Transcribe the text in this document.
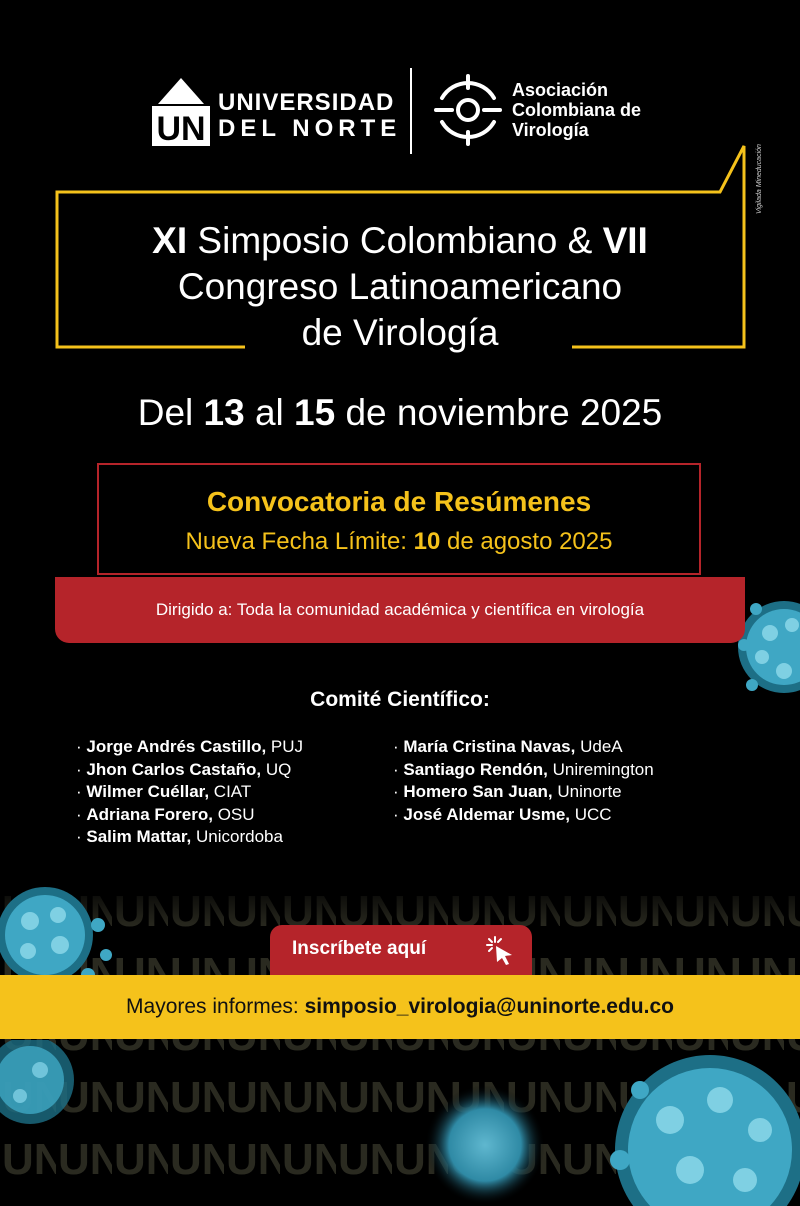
UN
UNIVERSIDAD
DEL NORTE
Asociación
Colombiana de
Virología
Vigilada Mineducación
XI Simposio Colombiano & VII
Congreso Latinoamericano
de Virología
Del 13 al 15 de noviembre 2025
Convocatoria de Resúmenes
Nueva Fecha Límite: 10 de agosto 2025
Dirigido a: Toda la comunidad académica y científica en virología
Comité Científico:
· Jorge Andrés Castillo, PUJ
· Jhon Carlos Castaño, UQ
· Wilmer Cuéllar, CIAT
· Adriana Forero, OSU
· Salim Mattar, Unicordoba
· María Cristina Navas, UdeA
· Santiago Rendón, Uniremington
· Homero San Juan, Uninorte
· José Aldemar Usme, UCC
Inscríbete aquí
Mayores informes: simposio_virologia@uninorte.edu.co
